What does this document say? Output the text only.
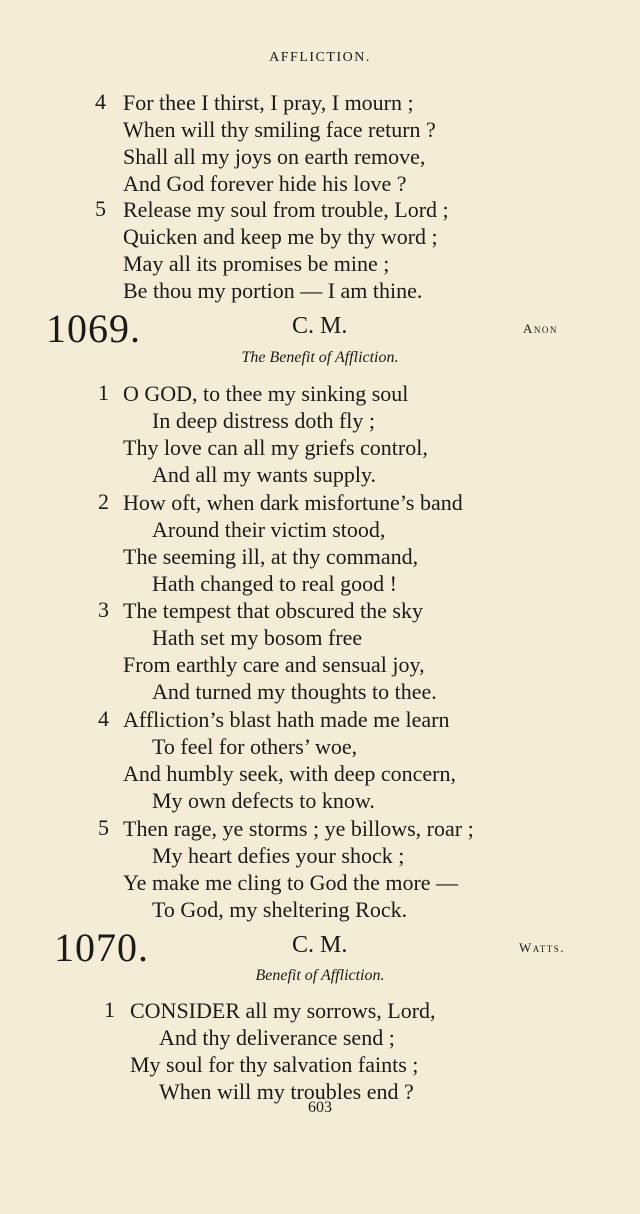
AFFLICTION.
4 For thee I thirst, I pray, I mourn ;
When will thy smiling face return ?
Shall all my joys on earth remove,
And God forever hide his love ?
5 Release my soul from trouble, Lord ;
Quicken and keep me by thy word ;
May all its promises be mine ;
Be thou my portion — I am thine.
1069.	C. M.	Anon
The Benefit of Affliction.
1 O GOD, to thee my sinking soul
In deep distress doth fly ;
Thy love can all my griefs control,
And all my wants supply.
2 How oft, when dark misfortune’s band
Around their victim stood,
The seeming ill, at thy command,
Hath changed to real good !
3 The tempest that obscured the sky
Hath set my bosom free
From earthly care and sensual joy,
And turned my thoughts to thee.
4 Affliction’s blast hath made me learn
To feel for others’ woe,
And humbly seek, with deep concern,
My own defects to know.
5 Then rage, ye storms ; ye billows, roar ;
My heart defies your shock ;
Ye make me cling to God the more —
To God, my sheltering Rock.
1070.	C. M.	Watts.
Benefit of Affliction.
1 CONSIDER all my sorrows, Lord,
And thy deliverance send ;
My soul for thy salvation faints ;
When will my troubles end ?
603
